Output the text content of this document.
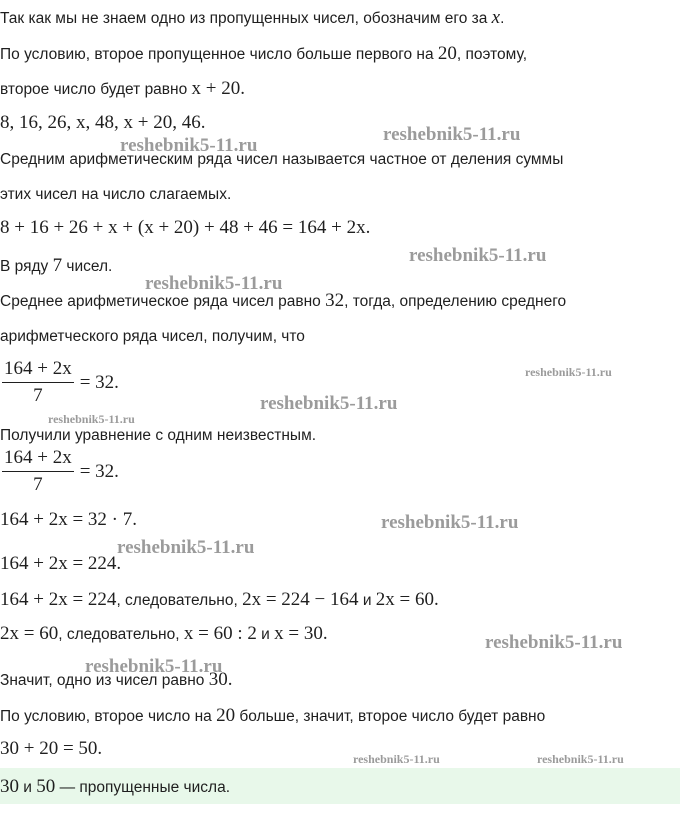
Так как мы не знаем одно из пропущенных чисел, обозначим его за x.
По условию, второе пропущенное число больше первого на 20, поэтому,
второе число будет равно x + 20.
8, 16, 26, x, 48, x + 20, 46.
Средним арифметическим ряда чисел называется частное от деления суммы
этих чисел на число слагаемых.
8 + 16 + 26 + x + (x + 20) + 48 + 46 = 164 + 2x.
В ряду 7 чисел.
Среднее арифметическое ряда чисел равно 32, тогда, определению среднего
арифметческого ряда чисел, получим, что
$\frac{164 + 2x}{7} = 32$.
Получили уравнение с одним неизвестным.
$\frac{164 + 2x}{7} = 32$.
164 + 2x = 32 · 7.
164 + 2x = 224.
164 + 2x = 224, следовательно, 2x = 224 − 164 и 2x = 60.
2x = 60, следовательно, x = 60 : 2 и x = 30.
Значит, одно из чисел равно 30.
По условию, второе число на 20 больше, значит, второе число будет равно
30 + 20 = 50.
30 и 50 — пропущенные числа.
reshebnik5-11.ru
reshebnik5-11.ru
reshebnik5-11.ru
reshebnik5-11.ru
reshebnik5-11.ru
reshebnik5-11.ru
reshebnik5-11.ru
reshebnik5-11.ru
reshebnik5-11.ru
reshebnik5-11.ru
reshebnik5-11.ru
reshebnik5-11.ru	reshebnik5-11.ru
